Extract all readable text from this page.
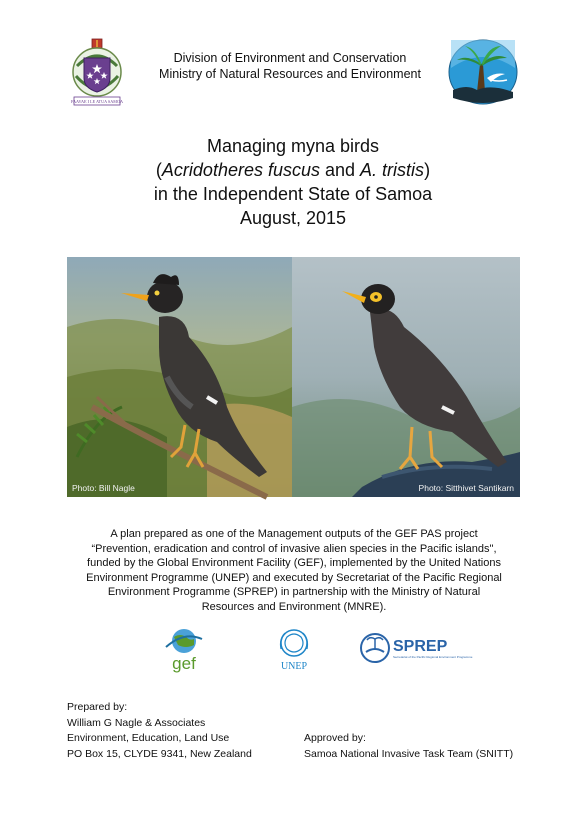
FAAVAE I LE ATUA SAMOA
Division of Environment and Conservation
Ministry of Natural Resources and Environment
Managing myna birds
(Acridotheres fuscus and A. tristis)
in the Independent State of Samoa
August, 2015
Photo: Bill Nagle	Photo: Sitthivet Santikarn
A plan prepared as one of the Management outputs of the GEF PAS project
“Prevention, eradication and control of invasive alien species in the Pacific islands",
funded by the Global Environment Facility (GEF), implemented by the United Nations
Environment Programme (UNEP) and executed by Secretariat of the Pacific Regional
Environment Programme (SPREP) in partnership with the Ministry of Natural
Resources and Environment (MNRE).
gef	UNEP
SPREP
Secretariat of the Pacific Regional Environment Programme
Prepared by:
William G Nagle & Associates
Environment, Education, Land Use
PO Box 15, CLYDE 9341, New Zealand
Approved by:
Samoa National Invasive Task Team (SNITT)
